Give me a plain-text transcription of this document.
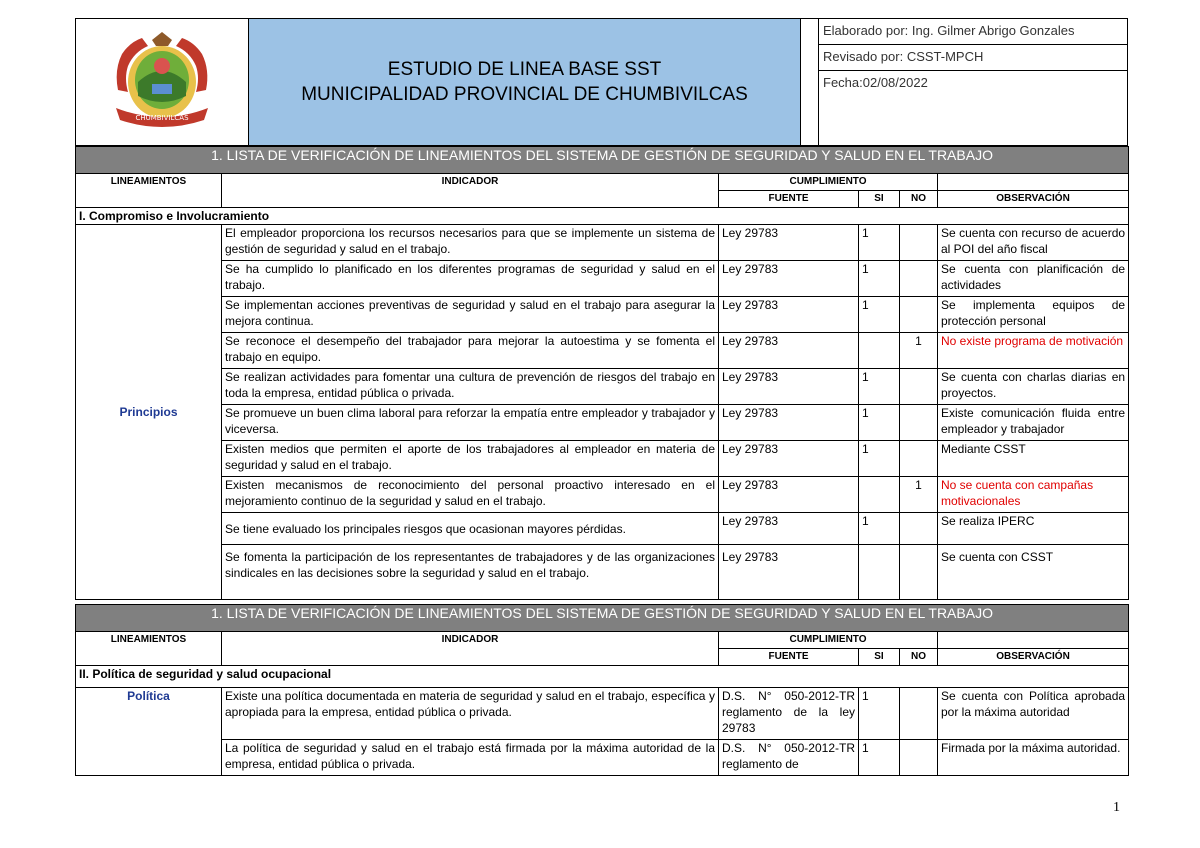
CHUMBIVILCAS
ESTUDIO DE LINEA BASE SST
MUNICIPALIDAD PROVINCIAL DE CHUMBIVILCAS
Elaborado por: Ing. Gilmer Abrigo Gonzales
Revisado por: CSST-MPCH
Fecha:02/08/2022
1. LISTA DE VERIFICACIÓN DE LINEAMIENTOS DEL SISTEMA DE GESTIÓN DE SEGURIDAD Y SALUD EN EL TRABAJO					
LINEAMIENTOS	INDICADOR	CUMPLIMIENTO			
		FUENTE	SI	NO	OBSERVACIÓN
I. Compromiso e Involucramiento					
Principios	El empleador proporciona los recursos necesarios para que se implemente un sistema de gestión de seguridad y salud en el trabajo.	Ley 29783	1		Se cuenta con recurso de acuerdo al POI del año fiscal
	Se ha cumplido lo planificado en los diferentes programas de seguridad y salud en el trabajo.	Ley 29783	1		Se cuenta con planificación de actividades
	Se implementan acciones preventivas de seguridad y salud en el trabajo para asegurar la mejora continua.	Ley 29783	1		Se implementa equipos de protección personal
	Se reconoce el desempeño del trabajador para mejorar la autoestima y se fomenta el trabajo en equipo.	Ley 29783		1	No existe programa de motivación
	Se realizan actividades para fomentar una cultura de prevención de riesgos del trabajo en toda la empresa, entidad pública o privada.	Ley 29783	1		Se cuenta con charlas diarias en proyectos.
	Se promueve un buen clima laboral para reforzar la empatía entre empleador y trabajador y viceversa.	Ley 29783	1		Existe comunicación fluida entre empleador y trabajador
	Existen medios que permiten el aporte de los trabajadores al empleador en materia de seguridad y salud en el trabajo.	Ley 29783	1		Mediante CSST
	Existen mecanismos de reconocimiento del personal proactivo interesado en el mejoramiento continuo de la seguridad y salud en el trabajo.	Ley 29783		1	No se cuenta con campañas motivacionales
	Se tiene evaluado los principales riesgos que ocasionan mayores pérdidas.	Ley 29783	1		Se realiza IPERC
	Se fomenta la participación de los representantes de trabajadores y de las organizaciones sindicales en las decisiones sobre la seguridad y salud en el trabajo.	Ley 29783			Se cuenta con CSST
1. LISTA DE VERIFICACIÓN DE LINEAMIENTOS DEL SISTEMA DE GESTIÓN DE SEGURIDAD Y SALUD EN EL TRABAJO					
LINEAMIENTOS	INDICADOR	CUMPLIMIENTO			
		FUENTE	SI	NO	OBSERVACIÓN
II. Política de seguridad y salud ocupacional					
Política	Existe una política documentada en materia de seguridad y salud en el trabajo, específica y apropiada para la empresa, entidad pública o privada.	D.S. N° 050-2012-TR reglamento de la ley 29783	1		Se cuenta con Política aprobada por la máxima autoridad
	La política de seguridad y salud en el trabajo está firmada por la máxima autoridad de la empresa, entidad pública o privada.	D.S. N° 050-2012-TR reglamento de	1		Firmada por la máxima autoridad.
1
